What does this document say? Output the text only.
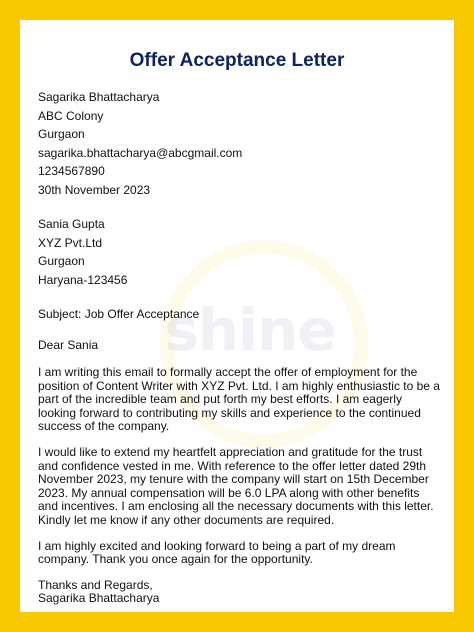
shine
Offer Acceptance Letter
Sagarika Bhattacharya
ABC Colony
Gurgaon
sagarika.bhattacharya@abcgmail.com
1234567890
30th November 2023
Sania Gupta
XYZ Pvt.Ltd
Gurgaon
Haryana-123456
Subject: Job Offer Acceptance
Dear Sania

I am writing this email to formally accept the offer of employment for the position of Content Writer with XYZ Pvt. Ltd. I am highly enthusiastic to be a part of the incredible team and put forth my best efforts. I am eagerly looking forward to contributing my skills and experience to the continued success of the company.

I would like to extend my heartfelt appreciation and gratitude for the trust and confidence vested in me. With reference to the offer letter dated 29th November 2023, my tenure with the company will start on 15th December 2023. My annual compensation will be 6.0 LPA along with other benefits and incentives. I am enclosing all the necessary documents with this letter. Kindly let me know if any other documents are required.

I am highly excited and looking forward to being a part of my dream company. Thank you once again for the opportunity.

Thanks and Regards,
Sagarika Bhattacharya
